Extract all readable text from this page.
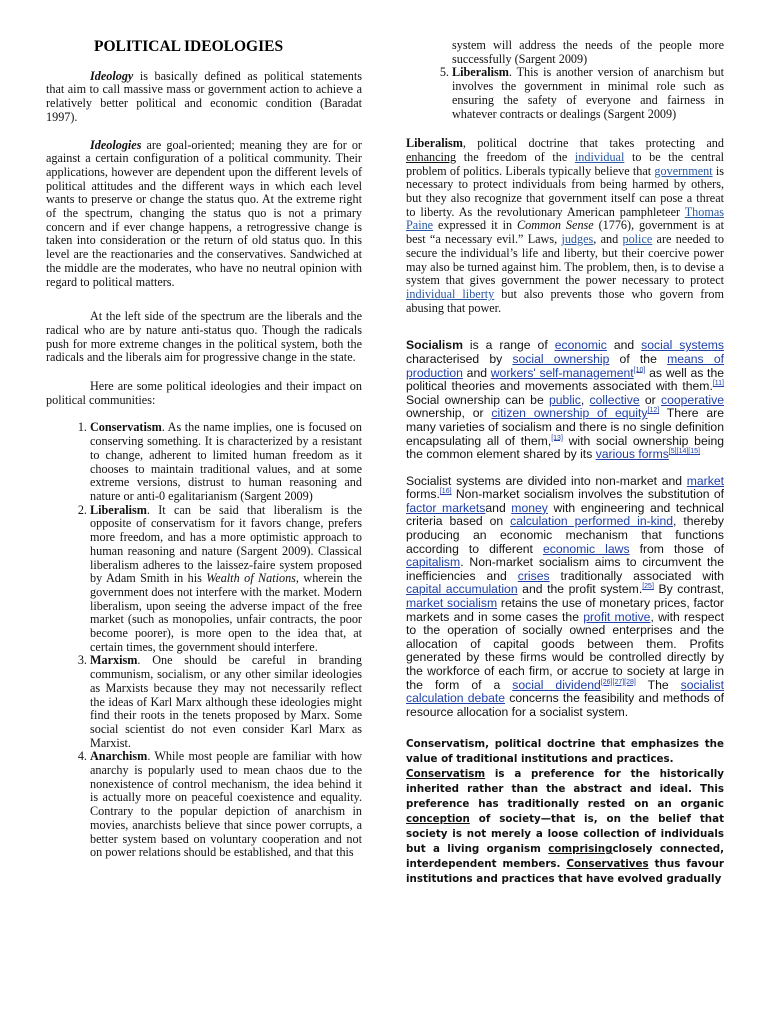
POLITICAL IDEOLOGIES

Ideology is basically defined as political statements that aim to call massive mass or government action to achieve a relatively better political and economic condition (Baradat 1997).

Ideologies are goal-oriented; meaning they are for or against a certain configuration of a political community. Their applications, however are dependent upon the different levels of political attitudes and the different ways in which each level wants to preserve or change the status quo. At the extreme right of the spectrum, changing the status quo is not a primary concern and if ever change happens, a retrogressive change is taken into consideration or the return of old status quo. In this level are the reactionaries and the conservatives. Sandwiched at the middle are the moderates, who have no neutral opinion with regard to political matters.

At the left side of the spectrum are the liberals and the radical who are by nature anti-status quo. Though the radicals push for more extreme changes in the political system, both the radicals and the liberals aim for progressive change in the state.

Here are some political ideologies and their impact on political communities:

1. Conservatism. As the name implies, one is focused on conserving something. It is characterized by a resistant to change, adherent to limited human freedom as it chooses to maintain traditional values, and at some extreme versions, distrust to human reasoning and nature or anti-0 egalitarianism (Sargent 2009)
2. Liberalism. It can be said that liberalism is the opposite of conservatism for it favors change, prefers more freedom, and has a more optimistic approach to human reasoning and nature (Sargent 2009). Classical liberalism adheres to the laissez-faire system proposed by Adam Smith in his Wealth of Nations, wherein the government does not interfere with the market. Modern liberalism, upon seeing the adverse impact of the free market (such as monopolies, unfair contracts, the poor become poorer), is more open to the idea that, at certain times, the government should interfere.
3. Marxism. One should be careful in branding communism, socialism, or any other similar ideologies as Marxists because they may not necessarily reflect the ideas of Karl Marx although these ideologies might find their roots in the tenets proposed by Marx. Some social scientist do not even consider Karl Marx as Marxist.
4. Anarchism. While most people are familiar with how anarchy is popularly used to mean chaos due to the nonexistence of control mechanism, the idea behind it is actually more on peaceful coexistence and equality. Contrary to the popular depiction of anarchism in movies, anarchists believe that since power corrupts, a better system based on voluntary cooperation and not on power relations should be established, and that this
system will address the needs of the people more successfully (Sargent 2009)
5. Liberalism. This is another version of anarchism but involves the government in minimal role such as ensuring the safety of everyone and fairness in whatever contracts or dealings (Sargent 2009)
Liberalism, political doctrine that takes protecting and enhancing the freedom of the individual to be the central problem of politics. Liberals typically believe that government is necessary to protect individuals from being harmed by others, but they also recognize that government itself can pose a threat to liberty. As the revolutionary American pamphleteer Thomas Paine expressed it in Common Sense (1776), government is at best “a necessary evil.” Laws, judges, and police are needed to secure the individual’s life and liberty, but their coercive power may also be turned against him. The problem, then, is to devise a system that gives government the power necessary to protect individual liberty but also prevents those who govern from abusing that power.
Socialism is a range of economic and social systems characterised by social ownership of the means of production and workers' self-management[10] as well as the political theories and movements associated with them.[11] Social ownership can be public, collective or cooperative ownership, or citizen ownership of equity[12] There are many varieties of socialism and there is no single definition encapsulating all of them,[13] with social ownership being the common element shared by its various forms[5][14][15]
Socialist systems are divided into non-market and market forms.[16] Non-market socialism involves the substitution of factor marketsand money with engineering and technical criteria based on calculation performed in-kind, thereby producing an economic mechanism that functions according to different economic laws from those of capitalism. Non-market socialism aims to circumvent the inefficiencies and crises traditionally associated with capital accumulation and the profit system.[25] By contrast, market socialism retains the use of monetary prices, factor markets and in some cases the profit motive, with respect to the operation of socially owned enterprises and the allocation of capital goods between them. Profits generated by these firms would be controlled directly by the workforce of each firm, or accrue to society at large in the form of a social dividend[26][27][28] The socialist calculation debate concerns the feasibility and methods of resource allocation for a socialist system.
Conservatism, political doctrine that emphasizes the value of traditional institutions and practices.
Conservatism is a preference for the historically inherited rather than the abstract and ideal. This preference has traditionally rested on an organic conception of society—that is, on the belief that society is not merely a loose collection of individuals but a living organism comprisingclosely connected, interdependent members. Conservatives thus favour institutions and practices that have evolved gradually
